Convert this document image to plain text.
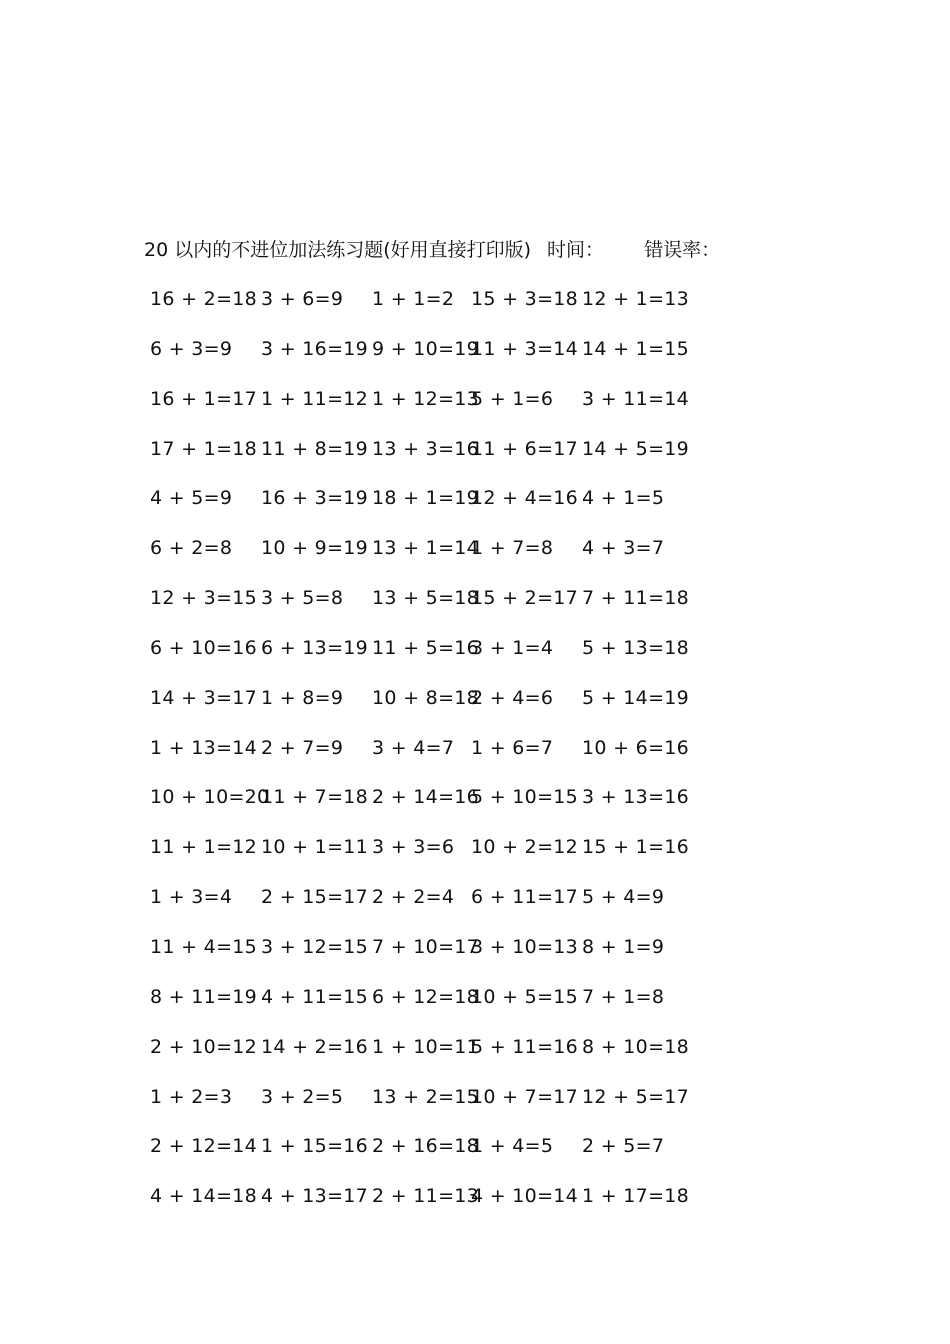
20 以内的不进位加法练习题(好用直接打印版) 时间： 错误率：
16 + 2=18 3 + 6=9 1 + 1=2 15 + 3=18 12 + 1=13
6 + 3=9 3 + 16=19 9 + 10=19
11 + 3=14 14 + 1=15
16 + 1=17 1 + 11=12 1 + 12=13
5 + 1=6 3 + 11=14
17 + 1=18 11 + 8=19 13 + 3=16
11 + 6=17 14 + 5=19
4 + 5=9 16 + 3=19 18 + 1=19
12 + 4=16 4 + 1=5
6 + 2=8 10 + 9=19 13 + 1=14
1 + 7=8 4 + 3=7
12 + 3=15 3 + 5=8 13 + 5=18
15 + 2=17 7 + 11=18
6 + 10=16 6 + 13=19 11 + 5=16
3 + 1=4 5 + 13=18
14 + 3=17 1 + 8=9 10 + 8=18
2 + 4=6 5 + 14=19
1 + 13=14 2 + 7=9 3 + 4=7 1 + 6=7 10 + 6=16
10 + 10=20
11 + 7=18 2 + 14=16
5 + 10=15 3 + 13=16
11 + 1=12 10 + 1=11 3 + 3=6 10 + 2=12 15 + 1=16
1 + 3=4 2 + 15=17 2 + 2=4 6 + 11=17 5 + 4=9
11 + 4=15 3 + 12=15 7 + 10=17
3 + 10=13 8 + 1=9
8 + 11=19 4 + 11=15 6 + 12=18
10 + 5=15 7 + 1=8
2 + 10=12 14 + 2=16 1 + 10=11
5 + 11=16 8 + 10=18
1 + 2=3 3 + 2=5 13 + 2=15
10 + 7=17 12 + 5=17
2 + 12=14 1 + 15=16 2 + 16=18
1 + 4=5 2 + 5=7
4 + 14=18 4 + 13=17 2 + 11=13
4 + 10=14 1 + 17=18
